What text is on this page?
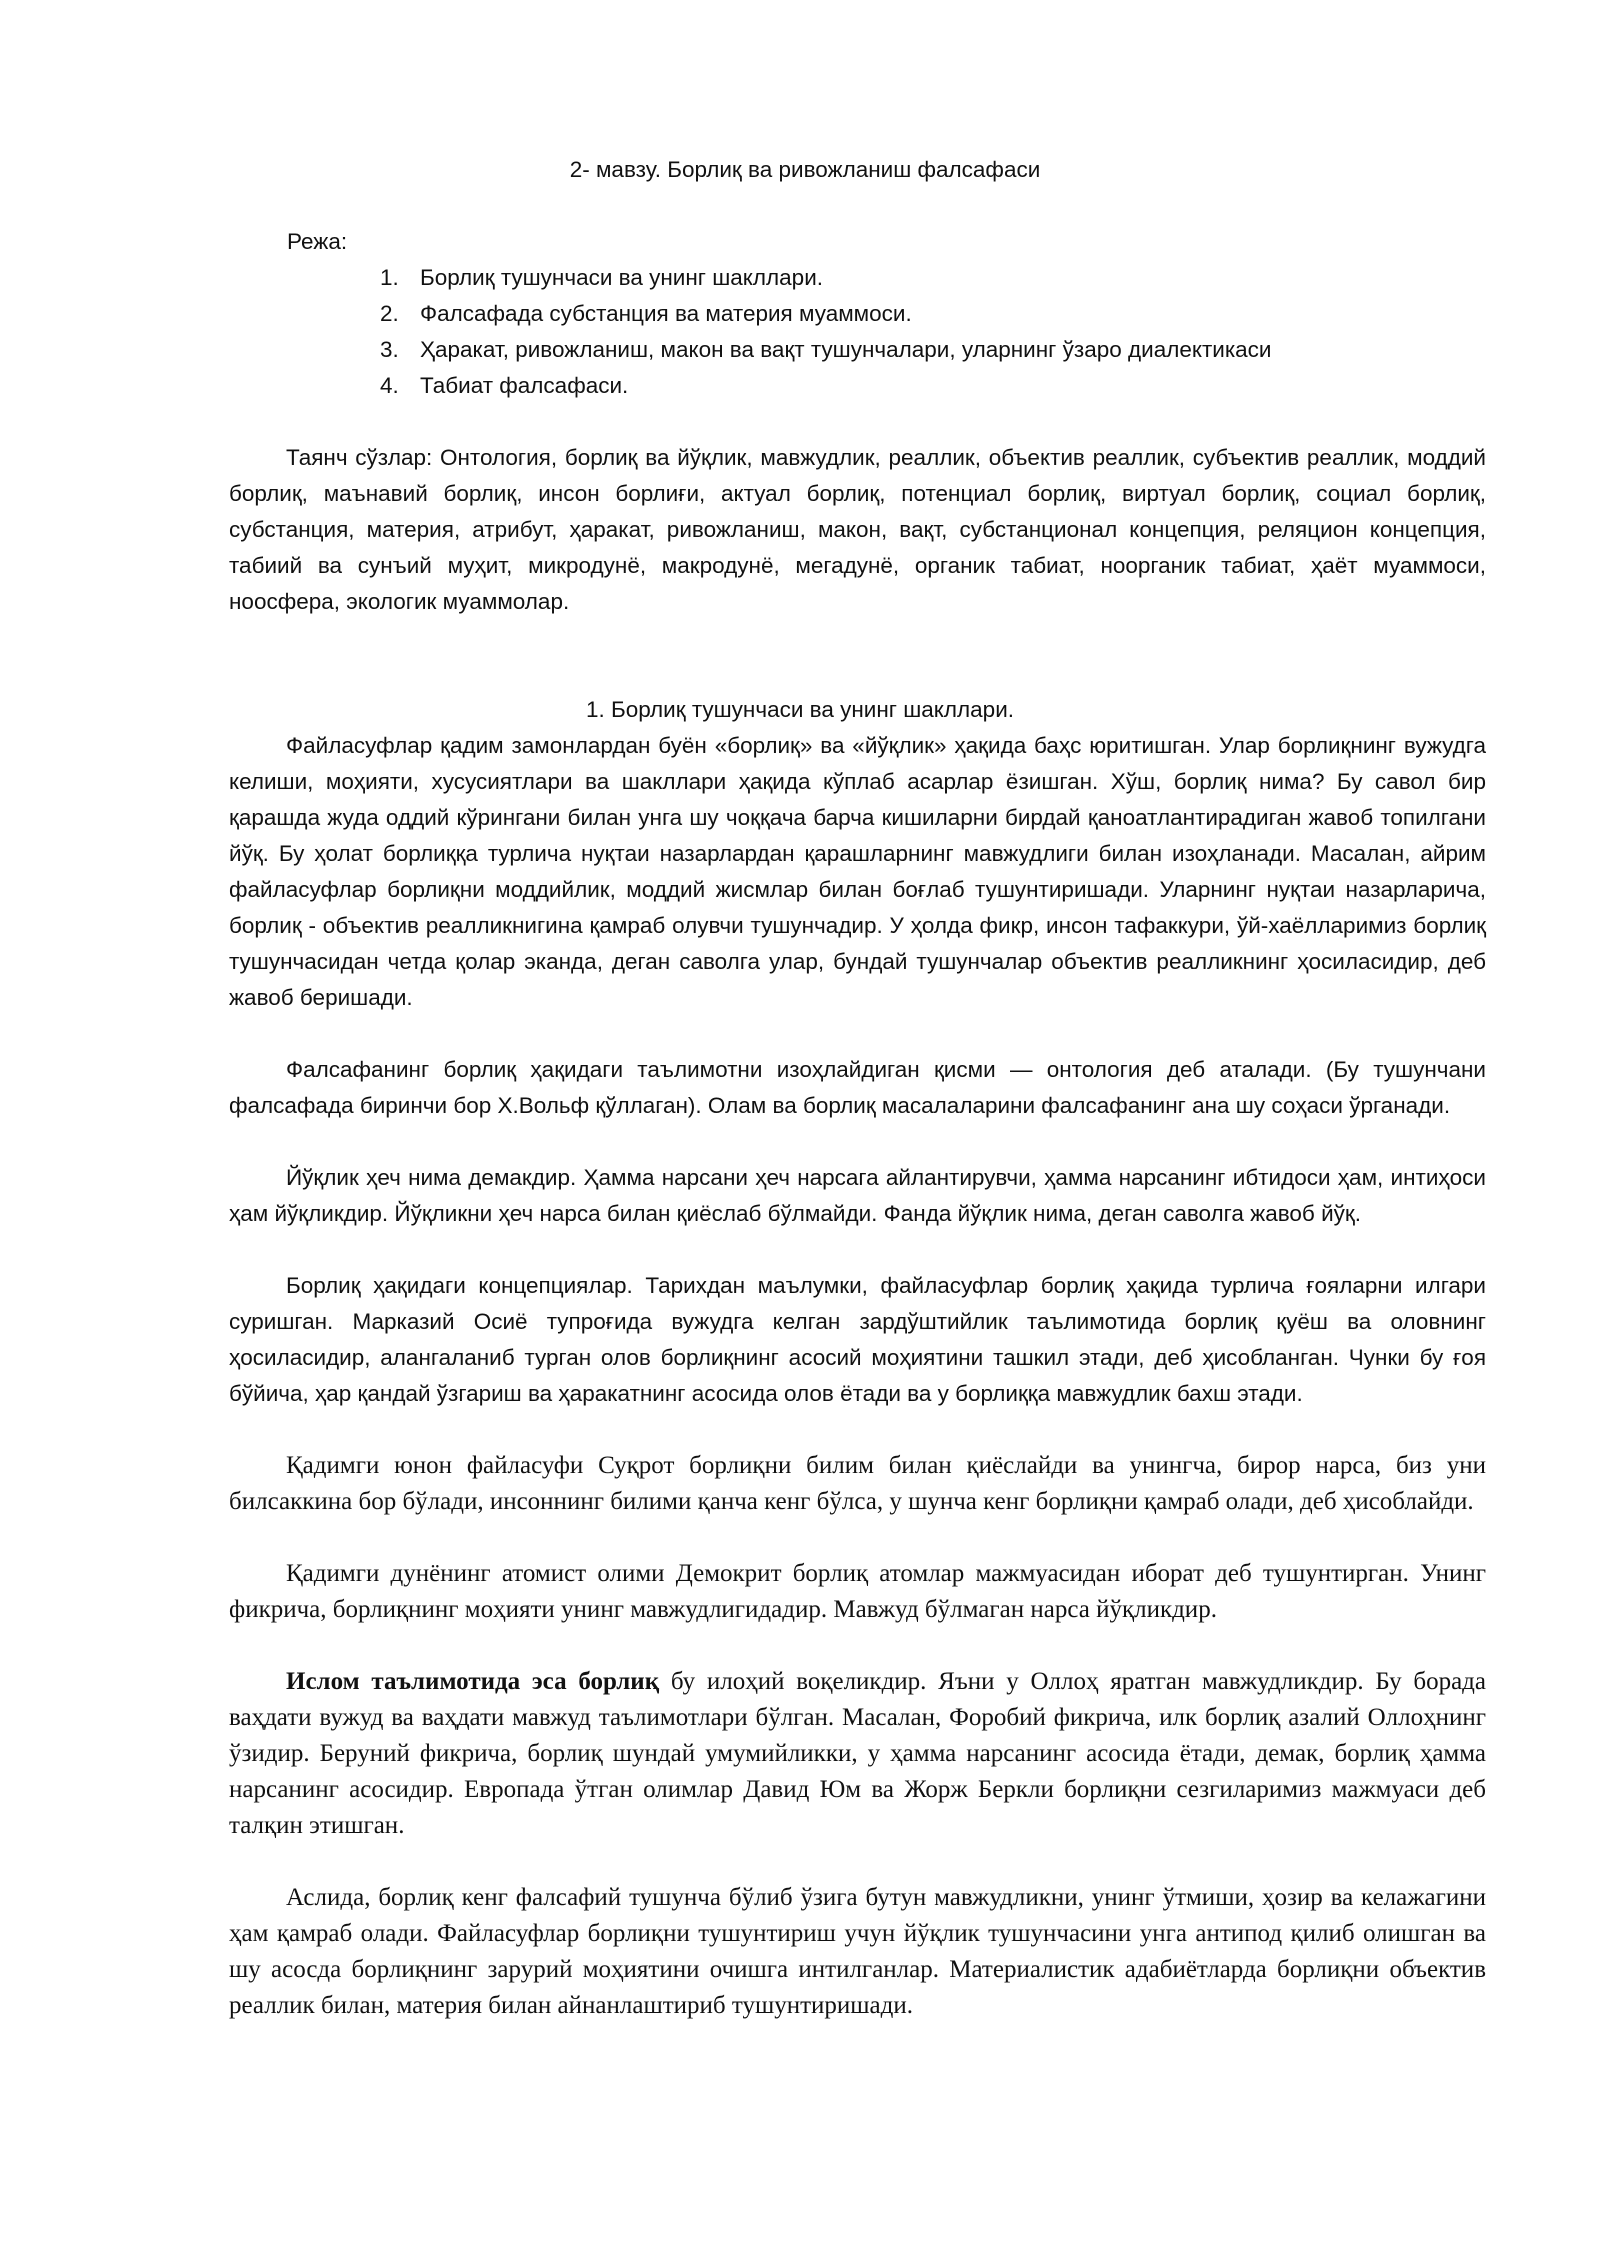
2- мавзу. Борлиқ ва ривожланиш фалсафаси

Режа:

1. Борлиқ тушунчаси ва унинг шакллари.
2. Фалсафада субстанция ва материя муаммоси.
3. Ҳаракат, ривожланиш, макон ва вақт тушунчалари, уларнинг ўзаро диалектикаси
4. Табиат фалсафаси.

Таянч сўзлар: Онтология, борлиқ ва йўқлик, мавжудлик, реаллик, объектив реаллик, субъектив реаллик, моддий борлиқ, маънавий борлиқ, инсон борлиғи, актуал борлиқ, потенциал борлиқ, виртуал борлиқ, социал борлиқ, субстанция, материя, атрибут, ҳаракат, ривожланиш, макон, вақт, субстанционал концепция, реляцион концепция, табиий ва сунъий муҳит, микродунё, макродунё, мегадунё, органик табиат, ноорганик табиат, ҳаёт муаммоси, ноосфера, экологик муаммолар.

1. Борлиқ тушунчаси ва унинг шакллари.

Файласуфлар қадим замонлардан буён «борлиқ» ва «йўқлик» ҳақида баҳс юритишган. Улар борлиқнинг вужудга келиши, моҳияти, хусусиятлари ва шакллари ҳақида кўплаб асарлар ёзишган. Хўш, борлиқ нима? Бу савол бир қарашда жуда оддий кўрингани билан унга шу чоққача барча кишиларни бирдай қаноатлантирадиган жавоб топилгани йўқ. Бу ҳолат борлиққа турлича нуқтаи назарлардан қарашларнинг мавжудлиги билан изоҳланади. Масалан, айрим файласуфлар борлиқни моддийлик, моддий жисмлар билан боғлаб тушунтиришади. Уларнинг нуқтаи назарларича, борлиқ - объектив реалликнигина қамраб олувчи тушунчадир. У ҳолда фикр, инсон тафаккури, ўй-хаёлларимиз борлиқ тушунчасидан четда қолар эканда, деган саволга улар, бундай тушунчалар объектив реалликнинг ҳосиласидир, деб жавоб беришади.

Фалсафанинг борлиқ ҳақидаги таълимотни изоҳлайдиган қисми — онтология деб аталади. (Бу тушунчани фалсафада биринчи бор Х.Вольф қўллаган). Олам ва борлиқ масалаларини фалсафанинг ана шу соҳаси ўрганади.

Йўқлик ҳеч нима демакдир. Ҳамма нарсани ҳеч нарсага айлантирувчи, ҳамма нарсанинг ибтидоси ҳам, интиҳоси ҳам йўқликдир. Йўқликни ҳеч нарса билан қиёслаб бўлмайди. Фанда йўқлик нима, деган саволга жавоб йўқ.

Борлиқ ҳақидаги концепциялар. Тарихдан маълумки, файласуфлар борлиқ ҳақида турлича ғояларни илгари суришган. Марказий Осиё тупроғида вужудга келган зардўштийлик таълимотида борлиқ қуёш ва оловнинг ҳосиласидир, алангаланиб турган олов борлиқнинг асосий моҳиятини ташкил этади, деб ҳисобланган. Чунки бу ғоя бўйича, ҳар қандай ўзгариш ва ҳаракатнинг асосида олов ётади ва у борлиққа мавжудлик бахш этади.

Қадимги юнон файласуфи Суқрот борлиқни билим билан қиёслайди ва унингча, бирор нарса, биз уни билсаккина бор бўлади, инсоннинг билими қанча кенг бўлса, у шунча кенг борлиқни қамраб олади, деб ҳисоблайди.

Қадимги дунёнинг атомист олими Демокрит борлиқ атомлар мажмуасидан иборат деб тушунтирган. Унинг фикрича, борлиқнинг моҳияти унинг мавжудлигидадир. Мавжуд бўлмаган нарса йўқликдир.

Ислом таълимотида эса борлиқ бу илоҳий воқеликдир. Яъни у Оллоҳ яратган мавжудликдир. Бу борада ваҳдати вужуд ва ваҳдати мавжуд таълимотлари бўлган. Масалан, Форобий фикрича, илк борлиқ азалий Оллоҳнинг ўзидир. Беруний фикрича, борлиқ шундай умумийликки, у ҳамма нарсанинг асосида ётади, демак, борлиқ ҳамма нарсанинг асосидир. Европада ўтган олимлар Давид Юм ва Жорж Беркли борлиқни сезгиларимиз мажмуаси деб талқин этишган.

Аслида, борлиқ кенг фалсафий тушунча бўлиб ўзига бутун мавжудликни, унинг ўтмиши, ҳозир ва келажагини ҳам қамраб олади. Файласуфлар борлиқни тушунтириш учун йўқлик тушунчасини унга антипод қилиб олишган ва шу асосда борлиқнинг зарурий моҳиятини очишга интилганлар. Материалистик адабиётларда борлиқни объектив реаллик билан, материя билан айнанлаштириб тушунтиришади.
